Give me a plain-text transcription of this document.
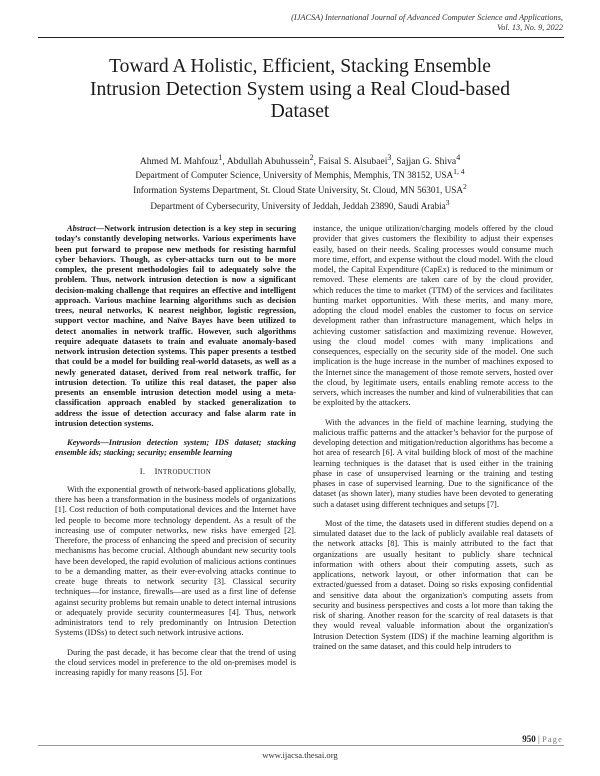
(IJACSA) International Journal of Advanced Computer Science and Applications,
Vol. 13, No. 9, 2022
Toward A Holistic, Efficient, Stacking Ensemble
Intrusion Detection System using a Real Cloud-based
Dataset
Ahmed M. Mahfouz$^1$, Abdullah Abuhussein$^2$, Faisal S. Alsubaei$^3$, Sajjan G. Shiva$^4$
Department of Computer Science, University of Memphis, Memphis, TN 38152, USA$^{1, 4}$
Information Systems Department, St. Cloud State University, St. Cloud, MN 56301, USA$^2$
Department of Cybersecurity, University of Jeddah, Jeddah 23890, Saudi Arabia$^3$

Abstract—Network intrusion detection is a key step in securing today’s constantly developing networks. Various experiments have been put forward to propose new methods for resisting harmful cyber behaviors. Though, as cyber-attacks turn out to be more complex, the present methodologies fail to adequately solve the problem. Thus, network intrusion detection is now a significant decision-making challenge that requires an effective and intelligent approach. Various machine learning algorithms such as decision trees, neural networks, K nearest neighbor, logistic regression, support vector machine, and Naïve Bayes have been utilized to detect anomalies in network traffic. However, such algorithms require adequate datasets to train and evaluate anomaly-based network intrusion detection systems. This paper presents a testbed that could be a model for building real-world datasets, as well as a newly generated dataset, derived from real network traffic, for intrusion detection. To utilize this real dataset, the paper also presents an ensemble intrusion detection model using a meta-classification approach enabled by stacked generalization to address the issue of detection accuracy and false alarm rate in intrusion detection systems.

Keywords—Intrusion detection system; IDS dataset; stacking ensemble ids; stacking; security; ensemble learning

I. INTRODUCTION

With the exponential growth of network-based applications globally, there has been a transformation in the business models of organizations [1]. Cost reduction of both computational devices and the Internet have led people to become more technology dependent. As a result of the increasing use of computer networks, new risks have emerged [2]. Therefore, the process of enhancing the speed and precision of security mechanisms has become crucial. Although abundant new security tools have been developed, the rapid evolution of malicious actions continues to be a demanding matter, as their ever-evolving attacks continue to create huge threats to network security [3]. Classical security techniques—for instance, firewalls—are used as a first line of defense against security problems but remain unable to detect internal intrusions or adequately provide security countermeasures [4]. Thus, network administrators tend to rely predominantly on Intrusion Detection Systems (IDSs) to detect such network intrusive actions.

During the past decade, it has become clear that the trend of using the cloud services model in preference to the old on-premises model is increasing rapidly for many reasons [5]. For

instance, the unique utilization/charging models offered by the cloud provider that gives customers the flexibility to adjust their expenses easily, based on their needs. Scaling processes would consume much more time, effort, and expense without the cloud model. With the cloud model, the Capital Expenditure (CapEx) is reduced to the minimum or removed. These elements are taken care of by the cloud provider, which reduces the time to market (TTM) of the services and facilitates hunting market opportunities. With these merits, and many more, adopting the cloud model enables the customer to focus on service development rather than infrastructure management, which helps in achieving customer satisfaction and maximizing revenue. However, using the cloud model comes with many implications and consequences, especially on the security side of the model. One such implication is the huge increase in the number of machines exposed to the Internet since the management of those remote servers, hosted over the cloud, by legitimate users, entails enabling remote access to the servers, which increases the number and kind of vulnerabilities that can be exploited by the attackers.

With the advances in the field of machine learning, studying the malicious traffic patterns and the attacker’s behavior for the purpose of developing detection and mitigation/reduction algorithms has become a hot area of research [6]. A vital building block of most of the machine learning techniques is the dataset that is used either in the training phase in case of unsupervised learning or the training and testing phases in case of supervised learning. Due to the significance of the dataset (as shown later), many studies have been devoted to generating such a dataset using different techniques and setups [7].

Most of the time, the datasets used in different studies depend on a simulated dataset due to the lack of publicly available real datasets of the network attacks [8]. This is mainly attributed to the fact that organizations are usually hesitant to publicly share technical information with others about their computing assets, such as applications, network layout, or other information that can be extracted/guessed from a dataset. Doing so risks exposing confidential and sensitive data about the organization's computing assets from security and business perspectives and costs a lot more than taking the risk of sharing. Another reason for the scarcity of real datasets is that they would reveal valuable information about the organization's Intrusion Detection System (IDS) if the machine learning algorithm is trained on the same dataset, and this could help intruders to

950 | Page
www.ijacsa.thesai.org
